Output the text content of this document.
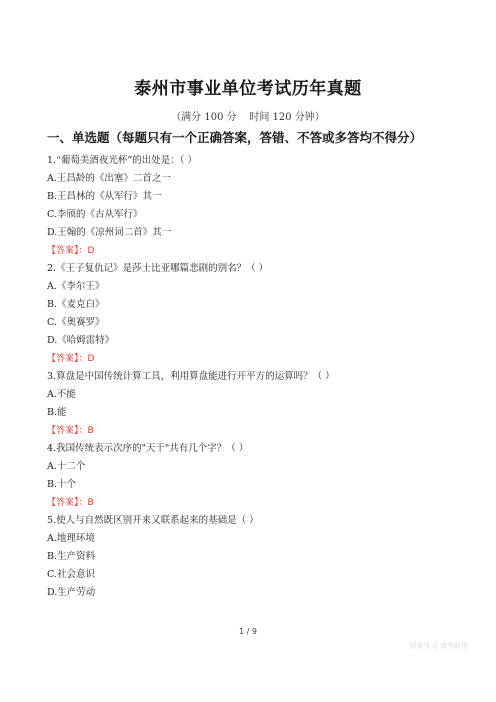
泰州市事业单位考试历年真题
（满分 100 分    时间 120 分钟）
一、单选题（每题只有一个正确答案，答错、不答或多答均不得分）
1.“葡萄美酒夜光杯”的出处是：（ ）
A.王昌龄的《出塞》二首之一
B.王昌林的《从军行》其一
C.李颀的《古从军行》
D.王翰的《凉州词二首》其一
【答案】：D
2.《王子复仇记》是莎士比亚哪篇悲剧的别名？（ ）
A.《李尔王》
B.《麦克白》
C.《奥赛罗》
D.《哈姆雷特》
【答案】：D
3.算盘是中国传统计算工具，利用算盘能进行开平方的运算吗？（ ）
A.不能
B.能
【答案】：B
4.我国传统表示次序的"天干"共有几个字？（ ）
A.十二个
B.十个
【答案】：B
5.使人与自然既区别开来又联系起来的基础是（ ）
A.地理环境
B.生产资料
C.社会意识
D.生产劳动
1 / 9
仅供学习 请勿商用
